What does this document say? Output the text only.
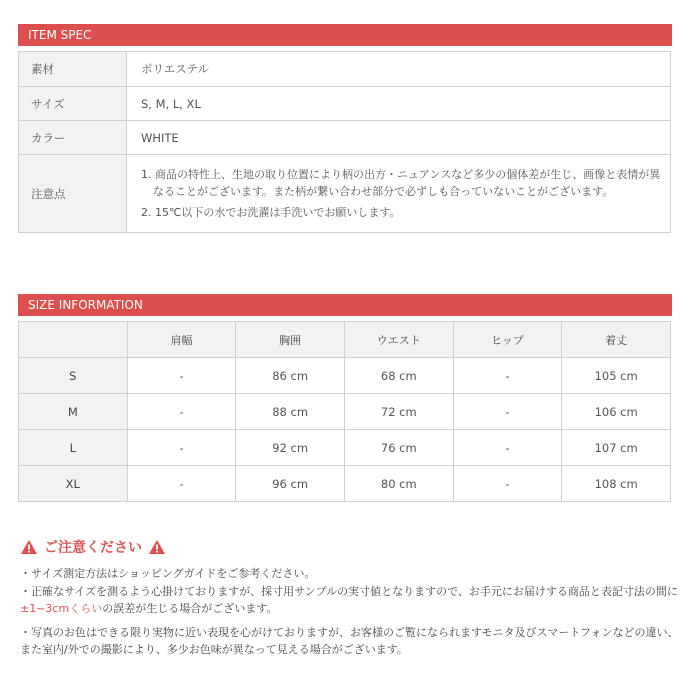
ITEM SPEC
素材	ポリエステル
サイズ	S, M, L, XL
カラー	WHITE
注意点	1. 商品の特性上、生地の取り位置により柄の出方・ニュアンスなど多少の個体差が生じ、画像と表情が異なることがございます。また柄が繋い合わせ部分で必ずしも合っていないことがございます。
2. 15℃以下の水でお洗濯は手洗いでお願いします。
SIZE INFORMATION
	肩幅	胸囲	ウエスト	ヒップ	着丈
S	-	86 cm	68 cm	-	105 cm
M	-	88 cm	72 cm	-	106 cm
L	-	92 cm	76 cm	-	107 cm
XL	-	96 cm	80 cm	-	108 cm
ご注意ください
・サイズ測定方法はショッピングガイドをご参考ください。
・正確なサイズを測るよう心掛けておりますが、採寸用サンプルの実寸値となりますので、お手元にお届けする商品と表記寸法の間に
±1~3cmくらいの誤差が生じる場合がございます。
・写真のお色はできる限り実物に近い表現を心がけておりますが、お客様のご覧になられますモニタ及びスマートフォンなどの違い、
また室内/外での撮影により、多少お色味が異なって見える場合がございます。
